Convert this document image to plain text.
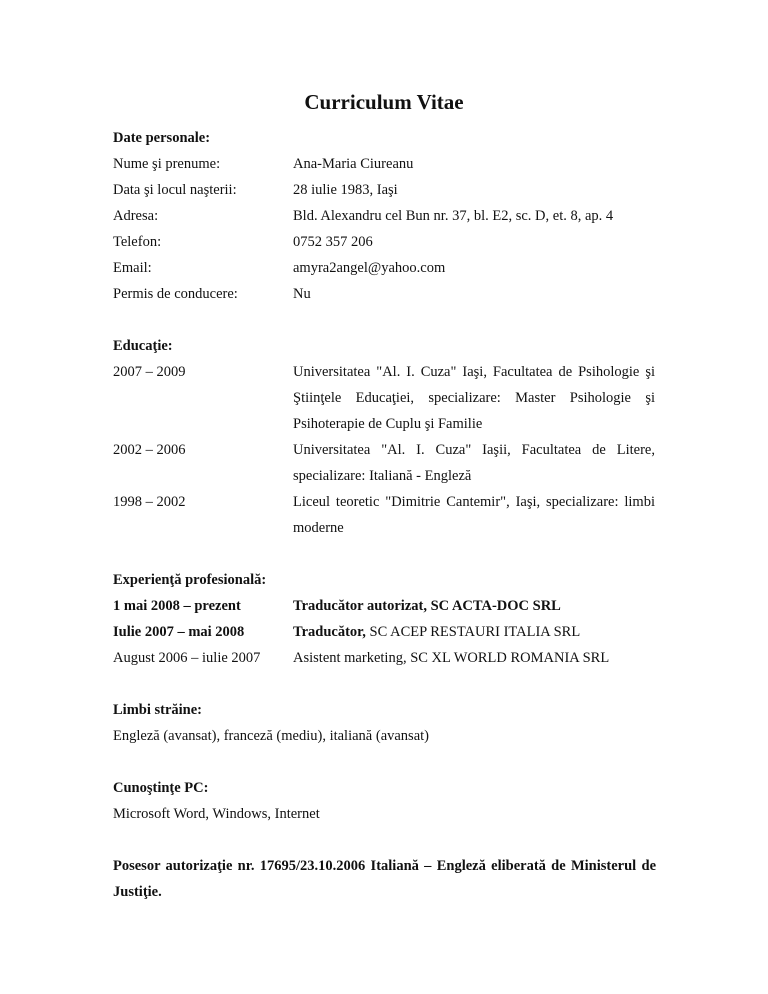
Curriculum Vitae
Date personale:
Nume şi prenume:	Ana-Maria Ciureanu
Data şi locul naşterii:	28 iulie 1983, Iaşi
Adresa:	Bld. Alexandru cel Bun nr. 37, bl. E2, sc. D, et. 8, ap. 4
Telefon:	0752 357 206
Email:	amyra2angel@yahoo.com
Permis de conducere:	Nu
Educaţie:
2007 – 2009	Universitatea "Al. I. Cuza" Iaşi, Facultatea de Psihologie şi Ştiinţele Educaţiei, specializare: Master Psihologie şi Psihoterapie de Cuplu şi Familie
2002 – 2006	Universitatea "Al. I. Cuza" Iaşii, Facultatea de Litere, specializare: Italiană - Engleză
1998 – 2002	Liceul teoretic "Dimitrie Cantemir", Iaşi, specializare: limbi moderne
Experienţă profesională:
1 mai 2008 – prezent	Traducător autorizat, SC ACTA-DOC SRL
Iulie 2007 – mai 2008	Traducător, SC ACEP RESTAURI ITALIA SRL
August 2006 – iulie 2007 Asistent marketing, SC XL WORLD ROMANIA SRL
Limbi străine:
Engleză (avansat), franceză (mediu), italiană (avansat)
Cunoştinţe PC:
Microsoft Word, Windows, Internet
Posesor autorizaţie nr. 17695/23.10.2006 Italiană – Engleză eliberată de Ministerul de Justiţie.
